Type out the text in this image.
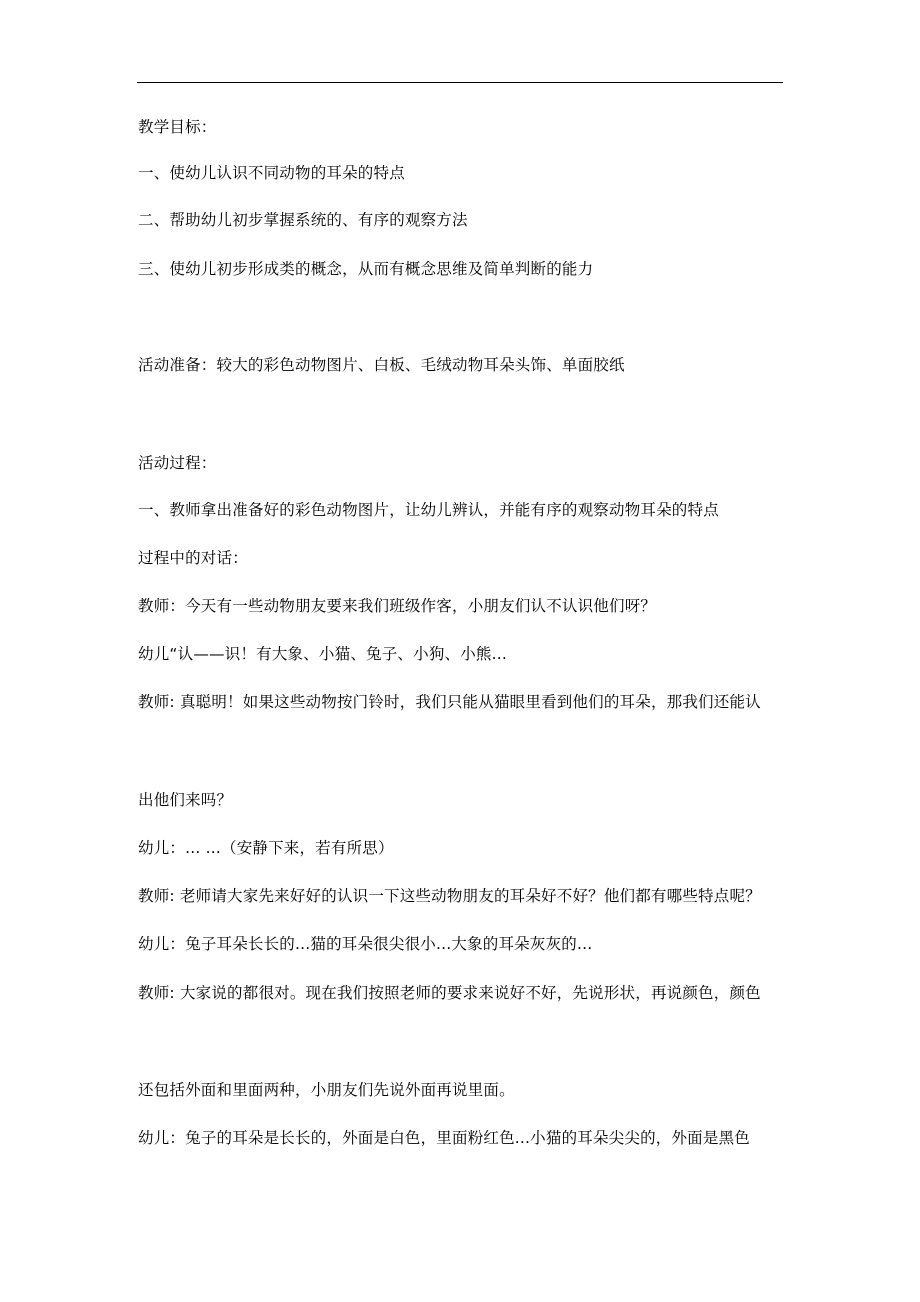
教学目标：
一、使幼儿认识不同动物的耳朵的特点
二、帮助幼儿初步掌握系统的、有序的观察方法
三、使幼儿初步形成类的概念，从而有概念思维及简单判断的能力
活动准备：较大的彩色动物图片、白板、毛绒动物耳朵头饰、单面胶纸
活动过程：
一、教师拿出准备好的彩色动物图片，让幼儿辨认，并能有序的观察动物耳朵的特点
过程中的对话：
教师：今天有一些动物朋友要来我们班级作客，小朋友们认不认识他们呀？
幼儿“认——识！有大象、小猫、兔子、小狗、小熊...
教师: 真聪明！如果这些动物按门铃时，我们只能从猫眼里看到他们的耳朵，那我们还能认
出他们来吗？
幼儿：... ...（安静下来，若有所思）
教师: 老师请大家先来好好的认识一下这些动物朋友的耳朵好不好？他们都有哪些特点呢？
幼儿：兔子耳朵长长的...猫的耳朵很尖很小...大象的耳朵灰灰的...
教师: 大家说的都很对。现在我们按照老师的要求来说好不好，先说形状，再说颜色，颜色
还包括外面和里面两种，小朋友们先说外面再说里面。
幼儿：兔子的耳朵是长长的，外面是白色，里面粉红色...小猫的耳朵尖尖的，外面是黑色
